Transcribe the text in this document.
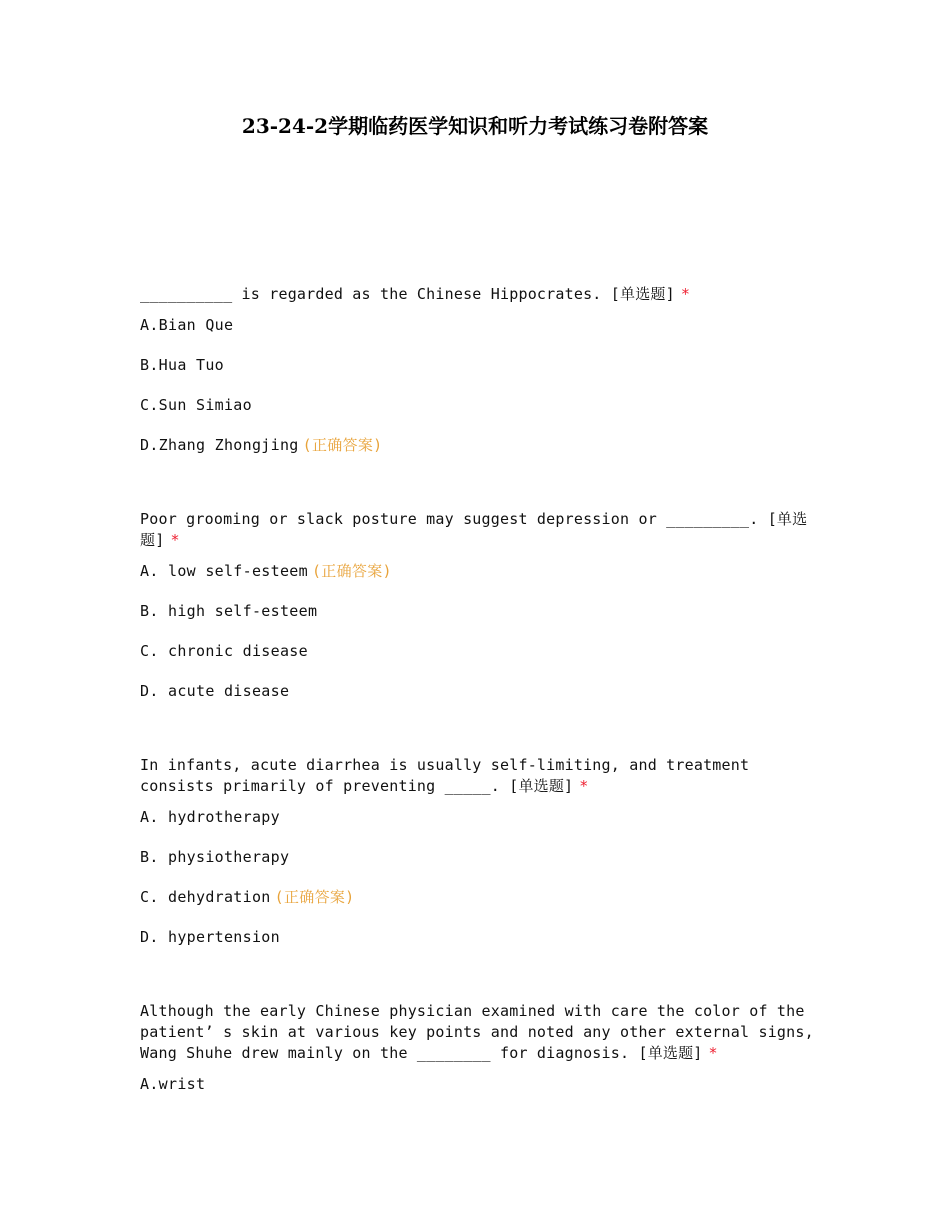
23-24-2学期临药医学知识和听力考试练习卷附答案

__________ is regarded as the Chinese Hippocrates. [单选题] *

A.Bian Que
B.Hua Tuo
C.Sun Simiao
D.Zhang Zhongjing (正确答案)

Poor grooming or slack posture may suggest depression or _________. [单选题] *

A. low self-esteem (正确答案)
B. high self-esteem
C. chronic disease
D. acute disease

In infants, acute diarrhea is usually self-limiting, and treatment consists primarily of preventing _____. [单选题] *

A. hydrotherapy
B. physiotherapy
C. dehydration (正确答案)
D. hypertension

Although the early Chinese physician examined with care the color of the patient’ s skin at various key points and noted any other external signs, Wang Shuhe drew mainly on the ________ for diagnosis. [单选题] *

A.wrist
